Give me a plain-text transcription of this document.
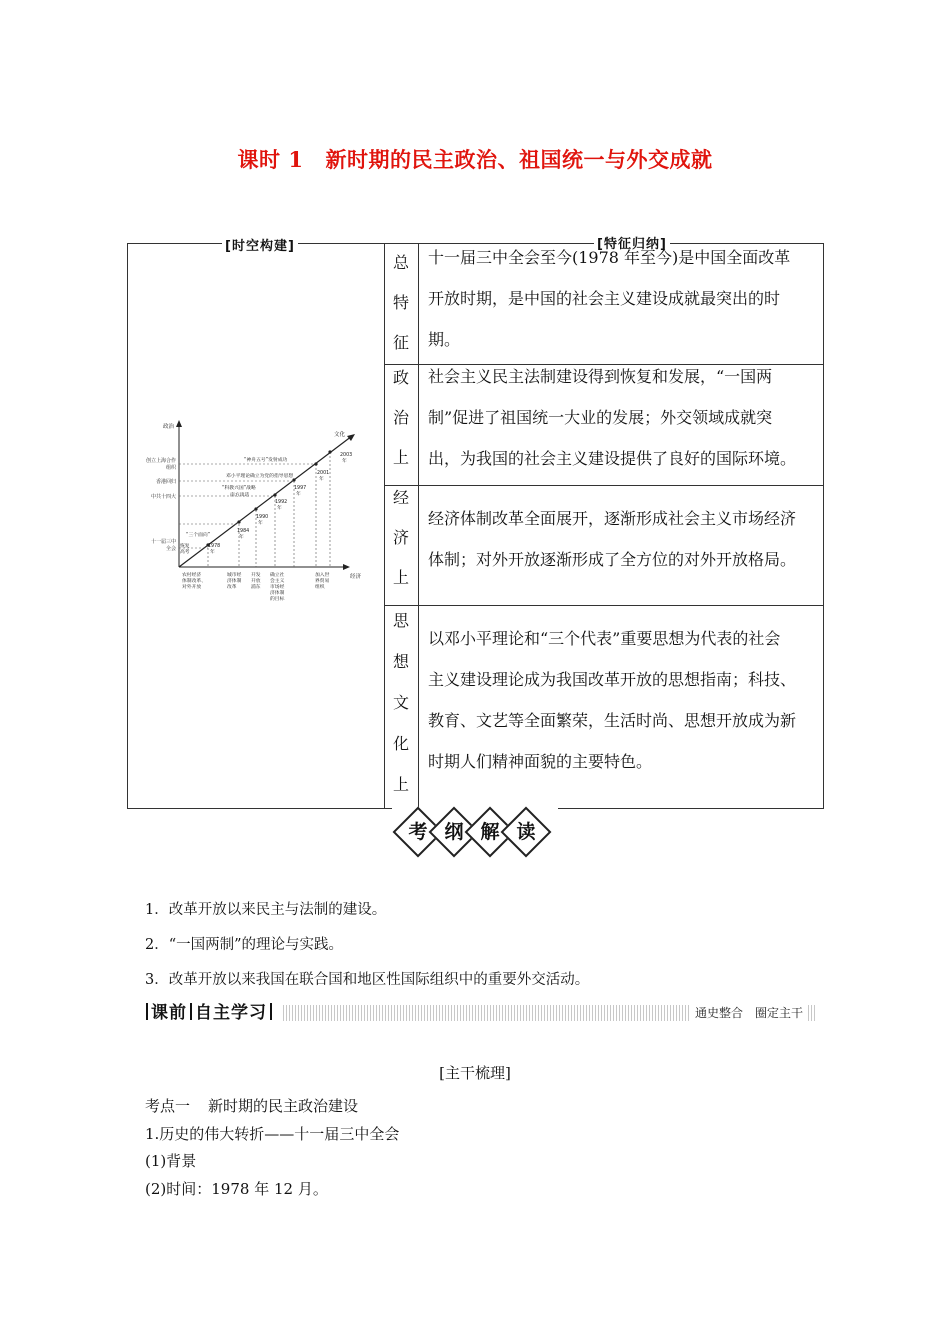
课时 1 新时期的民主政治、祖国统一与外交成就
[时空构建]	[特征归纳]
总
特
征
十一届三中全会至今(1978 年至今)是中国全面改革
开放时期，是中国的社会主义建设成就最突出的时
期。
政
治
上
社会主义民主法制建设得到恢复和发展，“一国两
制”促进了祖国统一大业的发展；外交领域成就突
出，为我国的社会主义建设提供了良好的国际环境。
经
济
上
经济体制改革全面展开，逐渐形成社会主义市场经济
体制；对外开放逐渐形成了全方位的对外开放格局。
思
想
文
化
上
以邓小平理论和“三个代表”重要思想为代表的社会
主义建设理论成为我国改革开放的思想指南；科技、
教育、文艺等全面繁荣，生活时尚、思想开放成为新
时期人们精神面貌的主要特色。
政治
经济
文化
创立上海合作
组织
香港回归
中共十四大
十一届三中
全会	1978
年
1984
年
1990
年
1992
年
1997
年
2001
年
2003
年
“三个面向”
恢复
高考
“神舟五号”发射成功
邓小平理论确立为党的指导思想
“科教兴国”战略
南方谈话
农村经济
体制改革、
对外开放
城市经
济体制
改革
开发
开放
浦东
确立社
会主义
市场经
济体制
的目标
加入世
界贸易
组织
考 纲 解 读
1．改革开放以来民主与法制的建设。
2．“一国两制”的理论与实践。
3．改革开放以来我国在联合国和地区性国际组织中的重要外交活动。
课前 自主学习	通史整合　圈定主干
[主干梳理]
考点一 新时期的民主政治建设
1.历史的伟大转折——十一届三中全会
(1)背景
(2)时间：1978 年 12 月。
